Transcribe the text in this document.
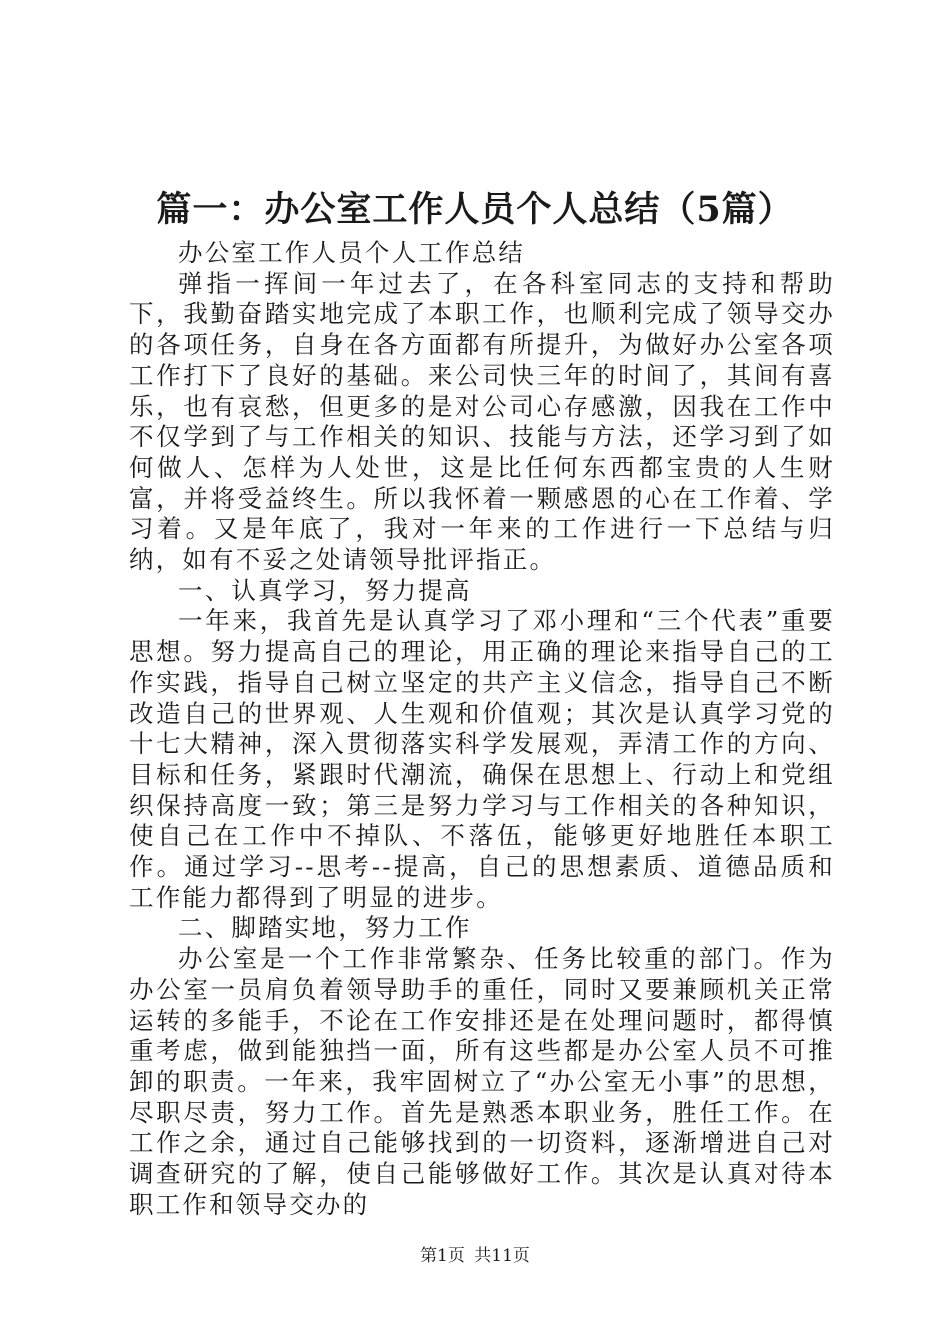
篇一：办公室工作人员个人总结（5篇）

办公室工作人员个人工作总结

弹指一挥间一年过去了，在各科室同志的支持和帮助下，我勤奋踏实地完成了本职工作，也顺利完成了领导交办的各项任务，自身在各方面都有所提升，为做好办公室各项工作打下了良好的基础。来公司快三年的时间了，其间有喜乐，也有哀愁，但更多的是对公司心存感激，因我在工作中不仅学到了与工作相关的知识、技能与方法，还学习到了如何做人、怎样为人处世，这是比任何东西都宝贵的人生财富，并将受益终生。所以我怀着一颗感恩的心在工作着、学习着。又是年底了，我对一年来的工作进行一下总结与归纳，如有不妥之处请领导批评指正。

一、认真学习，努力提高

一年来，我首先是认真学习了邓小理和“三个代表”重要思想。努力提高自己的理论，用正确的理论来指导自己的工作实践，指导自己树立坚定的共产主义信念，指导自己不断改造自己的世界观、人生观和价值观；其次是认真学习党的十七大精神，深入贯彻落实科学发展观，弄清工作的方向、目标和任务，紧跟时代潮流，确保在思想上、行动上和党组织保持高度一致；第三是努力学习与工作相关的各种知识，使自己在工作中不掉队、不落伍，能够更好地胜任本职工作。通过学习--思考--提高，自己的思想素质、道德品质和工作能力都得到了明显的进步。

二、脚踏实地，努力工作

办公室是一个工作非常繁杂、任务比较重的部门。作为办公室一员肩负着领导助手的重任，同时又要兼顾机关正常运转的多能手，不论在工作安排还是在处理问题时，都得慎重考虑，做到能独挡一面，所有这些都是办公室人员不可推卸的职责。一年来，我牢固树立了“办公室无小事”的思想，尽职尽责，努力工作。首先是熟悉本职业务，胜任工作。在工作之余，通过自己能够找到的一切资料，逐渐增进自己对调查研究的了解，使自己能够做好工作。其次是认真对待本职工作和领导交办的

第1页 共11页
